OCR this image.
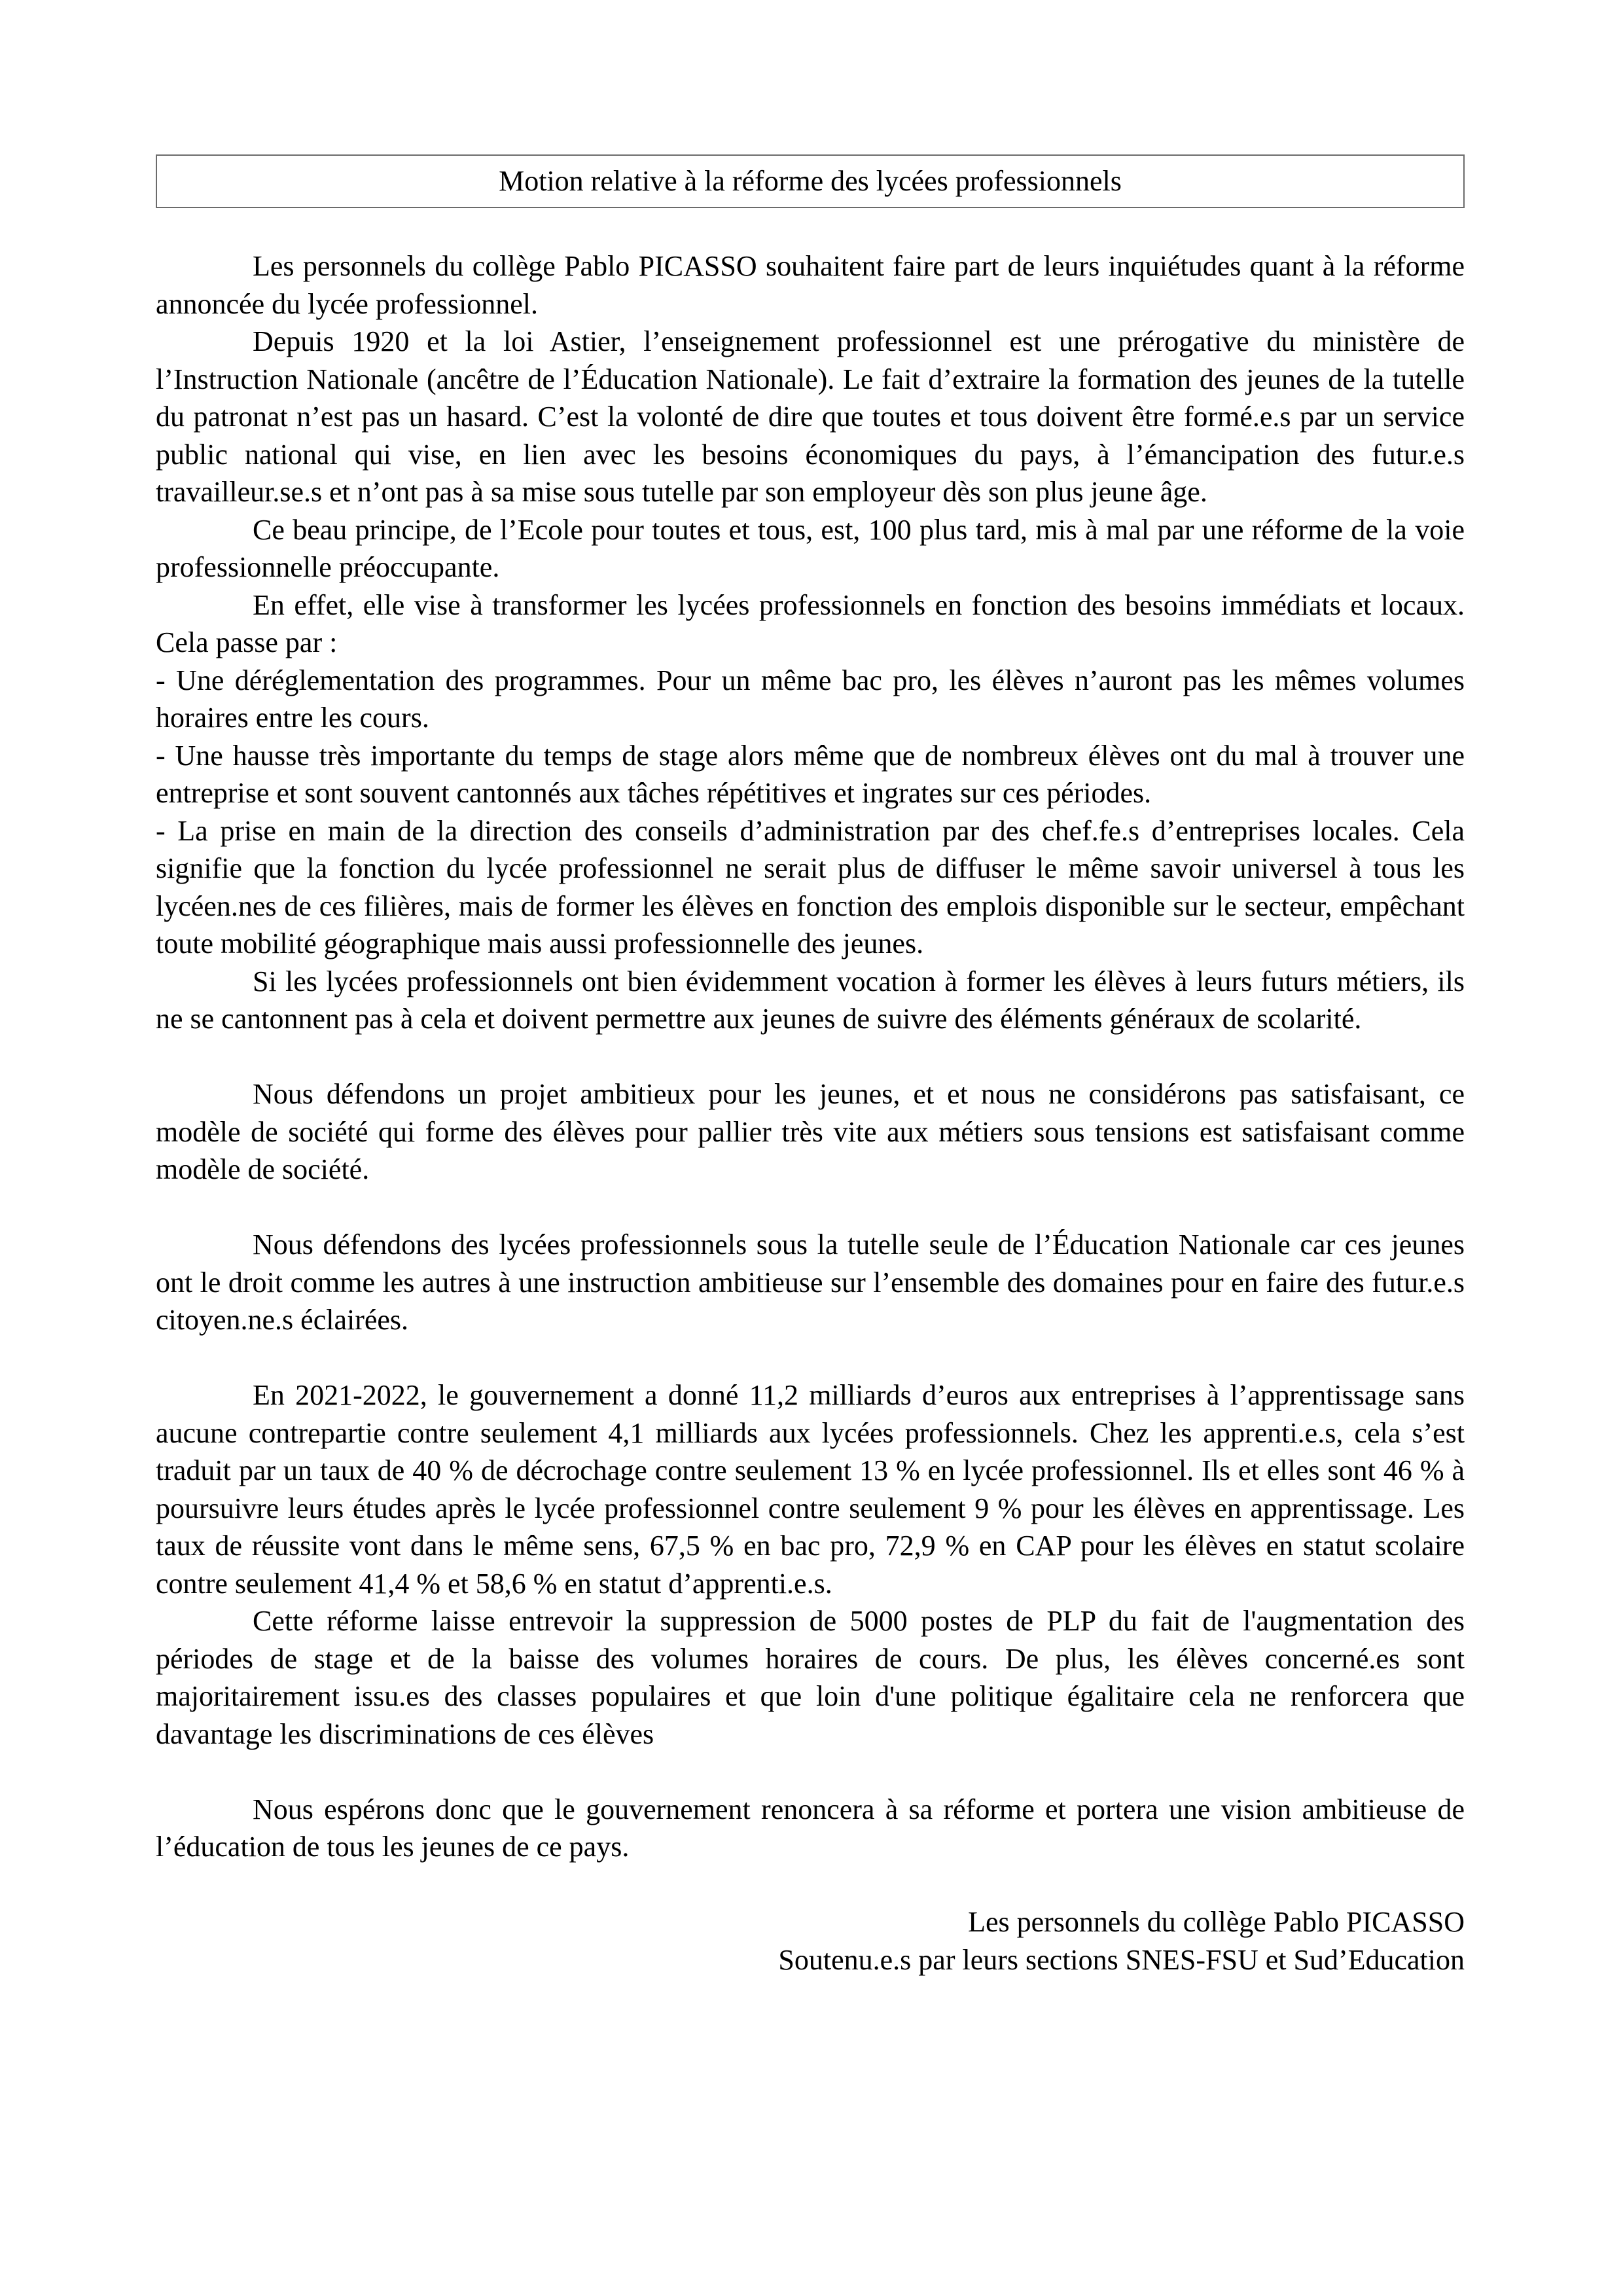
Motion relative à la réforme des lycées professionnels

Les personnels du collège Pablo PICASSO souhaitent faire part de leurs inquiétudes quant à la réforme annoncée du lycée professionnel.

Depuis 1920 et la loi Astier, l’enseignement professionnel est une prérogative du ministère de l’Instruction Nationale (ancêtre de l’Éducation Nationale). Le fait d’extraire la formation des jeunes de la tutelle du patronat n’est pas un hasard. C’est la volonté de dire que toutes et tous doivent être formé.e.s par un service public national qui vise, en lien avec les besoins économiques du pays, à l’émancipation des futur.e.s travailleur.se.s et n’ont pas à sa mise sous tutelle par son employeur dès son plus jeune âge.

Ce beau principe, de l’Ecole pour toutes et tous, est, 100 plus tard, mis à mal par une réforme de la voie professionnelle préoccupante.

En effet, elle vise à transformer les lycées professionnels en fonction des besoins immédiats et locaux. Cela passe par :

- Une déréglementation des programmes. Pour un même bac pro, les élèves n’auront pas les mêmes volumes horaires entre les cours.

- Une hausse très importante du temps de stage alors même que de nombreux élèves ont du mal à trouver une entreprise et sont souvent cantonnés aux tâches répétitives et ingrates sur ces périodes.

- La prise en main de la direction des conseils d’administration par des chef.fe.s d’entreprises locales. Cela signifie que la fonction du lycée professionnel ne serait plus de diffuser le même savoir universel à tous les lycéen.nes de ces filières, mais de former les élèves en fonction des emplois disponible sur le secteur, empêchant toute mobilité géographique mais aussi professionnelle des jeunes.

Si les lycées professionnels ont bien évidemment vocation à former les élèves à leurs futurs métiers, ils ne se cantonnent pas à cela et doivent permettre aux jeunes de suivre des éléments généraux de scolarité.

Nous défendons un projet ambitieux pour les jeunes, et et nous ne considérons pas satisfaisant, ce modèle de société qui forme des élèves pour pallier très vite aux métiers sous tensions est satisfaisant comme modèle de société.

Nous défendons des lycées professionnels sous la tutelle seule de l’Éducation Nationale car ces jeunes ont le droit comme les autres à une instruction ambitieuse sur l’ensemble des domaines pour en faire des futur.e.s citoyen.ne.s éclairées.

En 2021-2022, le gouvernement a donné 11,2 milliards d’euros aux entreprises à l’apprentissage sans aucune contrepartie contre seulement 4,1 milliards aux lycées professionnels. Chez les apprenti.e.s, cela s’est traduit par un taux de 40 % de décrochage contre seulement 13 % en lycée professionnel. Ils et elles sont 46 % à poursuivre leurs études après le lycée professionnel contre seulement 9 % pour les élèves en apprentissage. Les taux de réussite vont dans le même sens, 67,5 % en bac pro, 72,9 % en CAP pour les élèves en statut scolaire contre seulement 41,4 % et 58,6 % en statut d’apprenti.e.s.

Cette réforme laisse entrevoir la suppression de 5000 postes de PLP du fait de l'augmentation des périodes de stage et de la baisse des volumes horaires de cours. De plus, les élèves concerné.es sont majoritairement issu.es des classes populaires et que loin d'une politique égalitaire cela ne renforcera que davantage les discriminations de ces élèves

Nous espérons donc que le gouvernement renoncera à sa réforme et portera une vision ambitieuse de l’éducation de tous les jeunes de ce pays.

Les personnels du collège Pablo PICASSO
Soutenu.e.s par leurs sections SNES-FSU et Sud’Education
